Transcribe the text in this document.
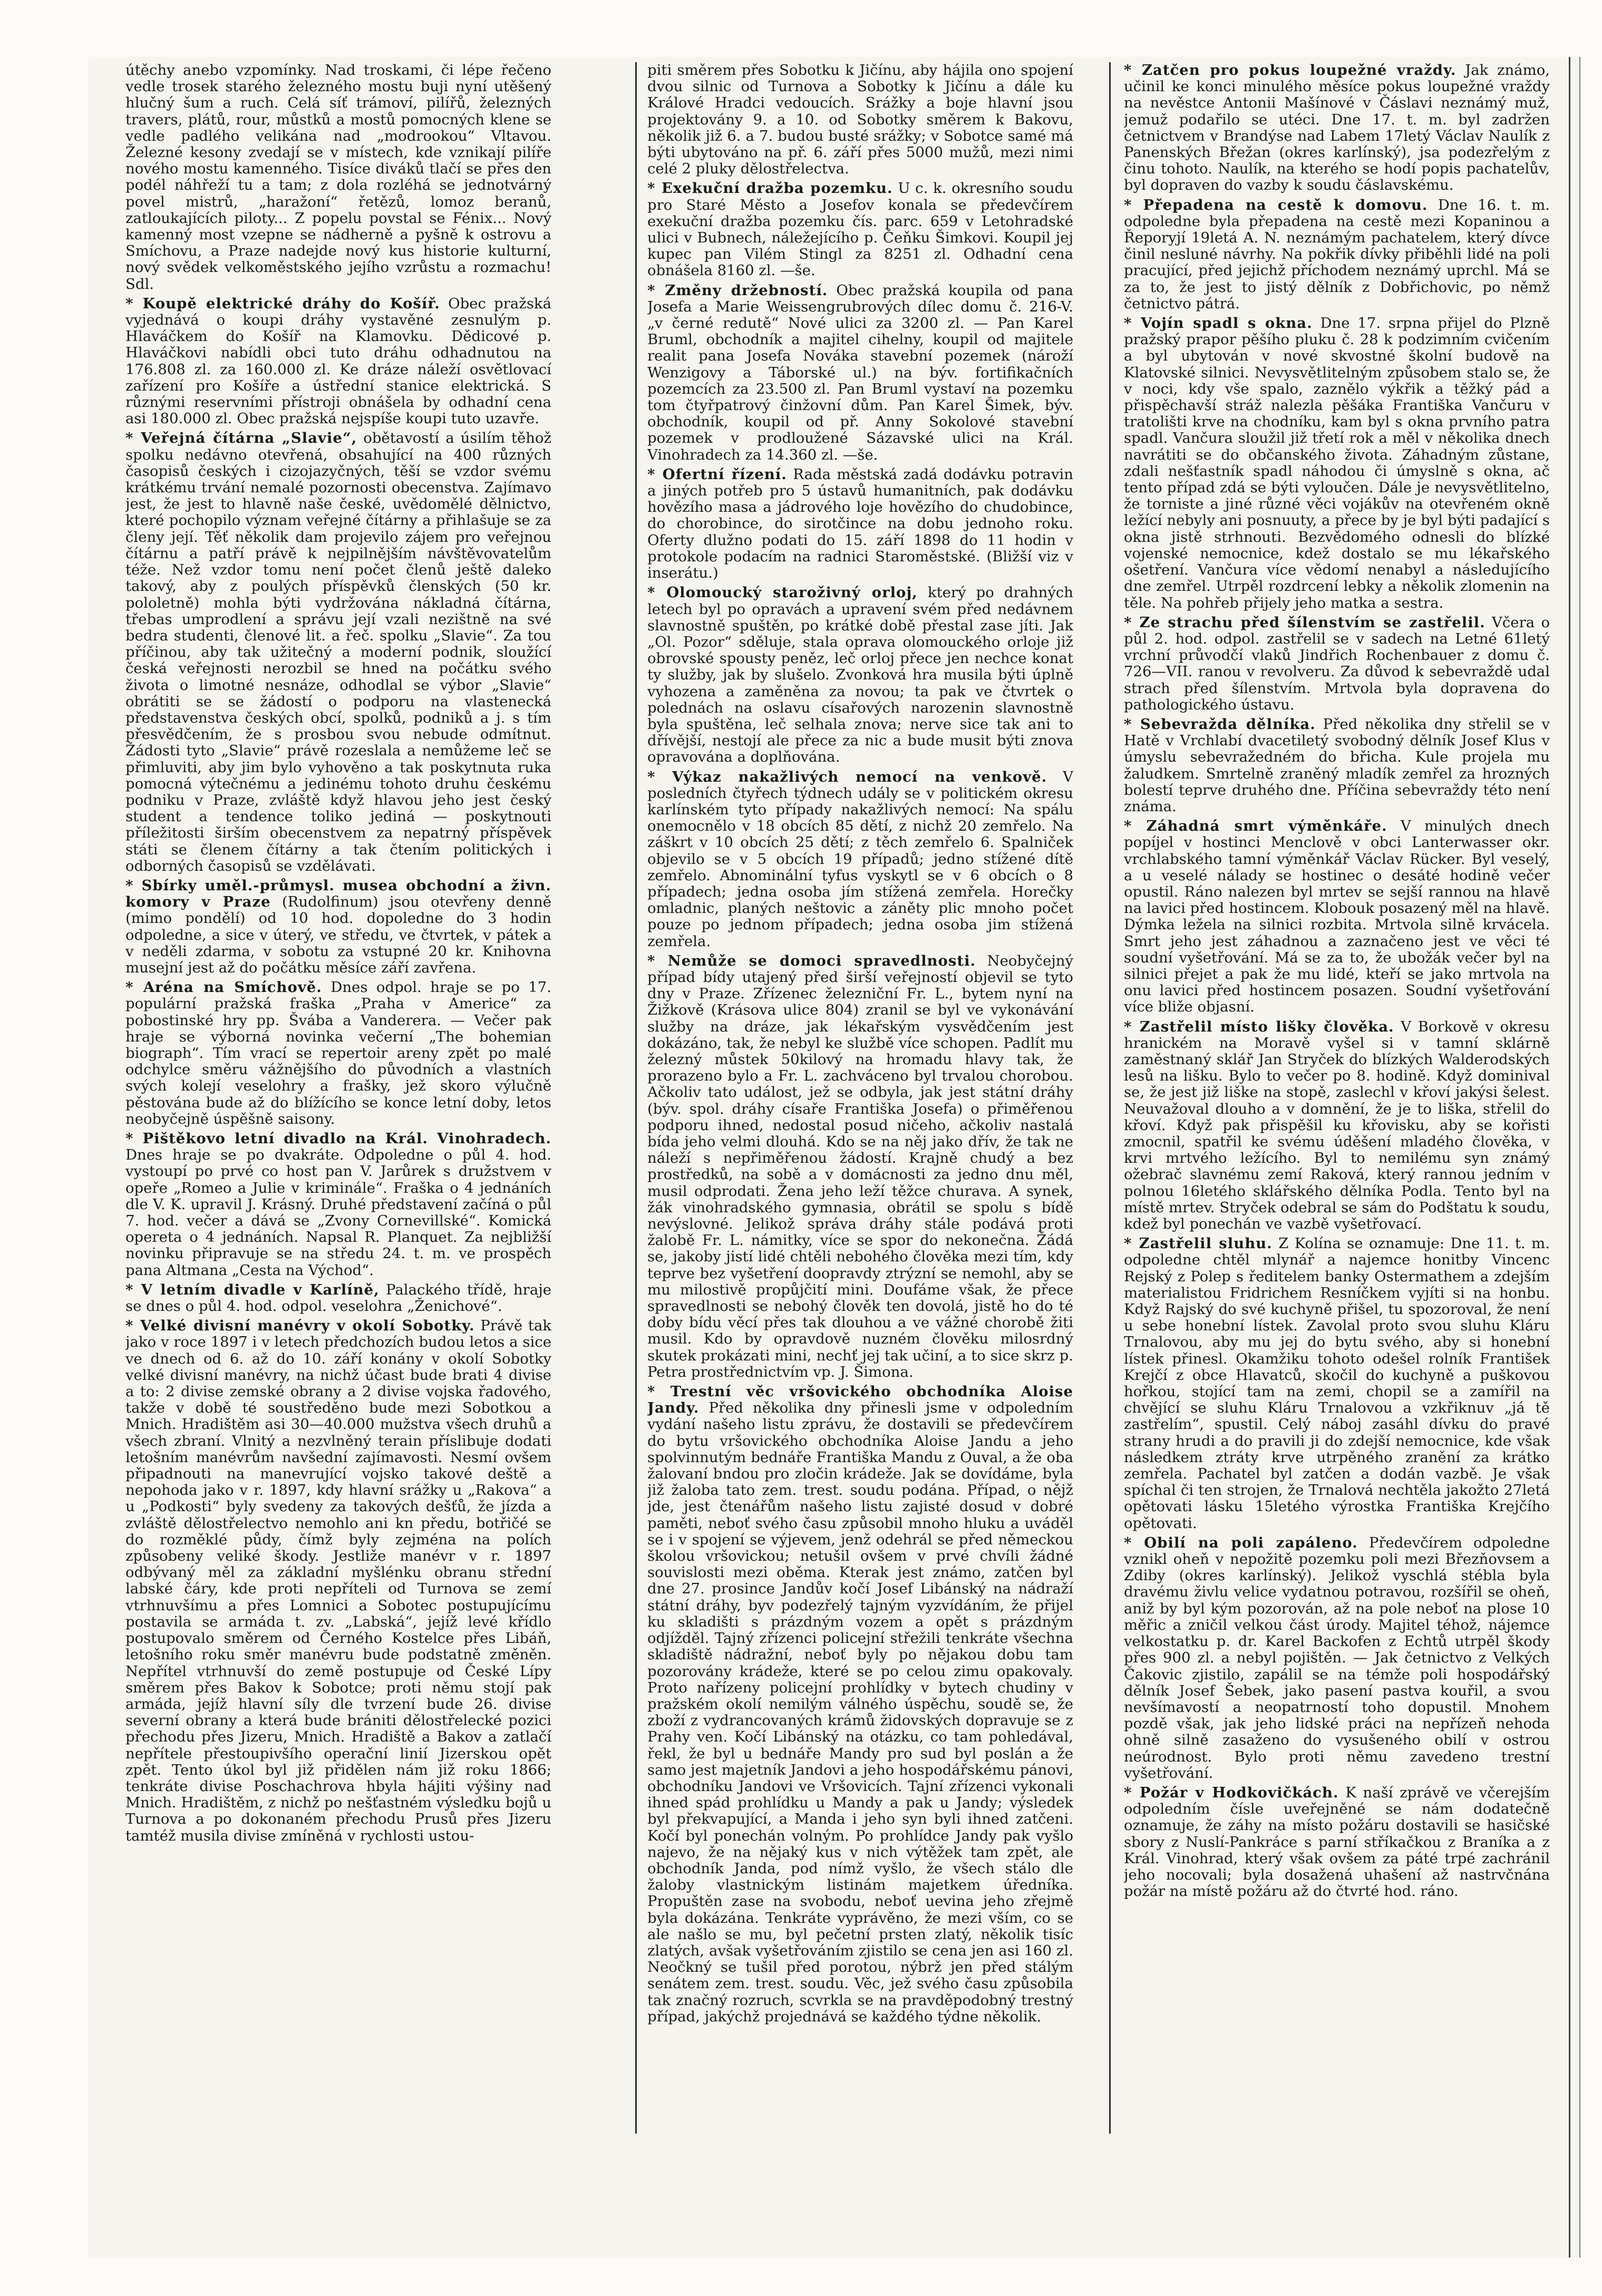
útěchy anebo vzpomínky. Nad troskami, či lépe řečeno vedle trosek starého železného mostu buji nyní utěšený hlučný šum a ruch. Celá síť trámoví, pilířů, železných travers, plátů, rour, můstků a mostů pomocných klene se vedle padlého velikána nad „modrookou“ Vltavou. Železné kesony zvedají se v místech, kde vznikají pilíře nového mostu kamenného. Tisíce diváků tlačí se přes den podél náhřeží tu a tam; z dola rozléhá se jednotvárný povel mistrů, „haražoní“ řetězů, lomoz beranů, zatloukajících piloty... Z popelu povstal se Fénix... Nový kamenný most vzepne se nádherně a pyšně k ostrovu a Smíchovu, a Praze nadejde nový kus historie kulturní, nový svědek velkoměstského jejího vzrůstu a rozmachu! Sdl.

* Koupě elektrické dráhy do Košíř. Obec pražská vyjednává o koupi dráhy vystavěné zesnulým p. Hlaváčkem do Košíř na Klamovku. Dědicové p. Hlaváčkovi nabídli obci tuto dráhu odhadnutou na 176.808 zl. za 160.000 zl. Ke dráze náleží osvětlovací zařízení pro Košíře a ústřední stanice elektrická. S různými reservními přístroji obnášela by odhadní cena asi 180.000 zl. Obec pražská nejspíše koupi tuto uzavře.

* Veřejná čítárna „Slavie“, obětavostí a úsilím těhož spolku nedávno otevřená, obsahující na 400 různých časopisů českých i cizojazyčných, těší se vzdor svému krátkému trvání nemalé pozornosti obecenstva. Zajímavo jest, že jest to hlavně naše české, uvědomělé dělnictvo, které pochopilo význam veřejné čítárny a přihlašuje se za členy její. Těť několik dam projevilo zájem pro veřejnou čítárnu a patří právě k nejpilnějším návštěvovatelům téže. Než vzdor tomu není počet členů ještě daleko takový, aby z poulých příspěvků členských (50 kr. pololetně) mohla býti vydržována nákladná čítárna, třebas umprodlení a správu její vzali nezištně na své bedra studenti, členové lit. a řeč. spolku „Slavie“. Za tou příčinou, aby tak užitečný a moderní podnik, sloužící česká veřejnosti nerozbil se hned na počátku svého života o limotné nesnáze, odhodlal se výbor „Slavie“ obrátiti se se žádostí o podporu na vlastenecká představenstva českých obcí, spolků, podniků a j. s tím přesvědčením, že s prosbou svou nebude odmítnut. Žádosti tyto „Slavie“ právě rozeslala a nemůžeme leč se přimluviti, aby jim bylo vyhověno a tak poskytnuta ruka pomocná výtečnému a jedinému tohoto druhu českému podniku v Praze, zvláště když hlavou jeho jest český student a tendence toliko jediná — poskytnouti příležitosti širším obecenstvem za nepatrný příspěvek státi se členem čítárny a tak čtením politických i odborných časopisů se vzdělávati.

* Sbírky uměl.-průmysl. musea obchodní a živn. komory v Praze (Rudolfinum) jsou otevřeny denně (mimo pondělí) od 10 hod. dopoledne do 3 hodin odpoledne, a sice v úterý, ve středu, ve čtvrtek, v pátek a v neděli zdarma, v sobotu za vstupné 20 kr. Knihovna musejní jest až do počátku měsíce září zavřena.

* Aréna na Smíchově. Dnes odpol. hraje se po 17. populární pražská fraška „Praha v Americe“ za pobostinské hry pp. Švába a Vanderera. — Večer pak hraje se výborná novinka večerní „The bohemian biograph“. Tím vrací se repertoir areny zpět po malé odchylce směru vážnějšího do původních a vlastních svých kolejí veselohry a frašky, jež skoro výlučně pěstována bude až do blížícího se konce letní doby, letos neobyčejně úspěšně saisony.

* Pištěkovo letní divadlo na Král. Vinohradech. Dnes hraje se po dvakráte. Odpoledne o půl 4. hod. vystoupí po prvé co host pan V. Jarůrek s družstvem v opeře „Romeo a Julie v kriminále“. Fraška o 4 jednáních dle V. K. upravil J. Krásný. Druhé představení začíná o půl 7. hod. večer a dává se „Zvony Cornevillské“. Komická opereta o 4 jednáních. Napsal R. Planquet. Za nejbližší novinku připravuje se na středu 24. t. m. ve prospěch pana Altmana „Cesta na Východ“.

* V letním divadle v Karlíně, Palackého třídě, hraje se dnes o půl 4. hod. odpol. veselohra „Ženichové“.

* Velké divisní manévry v okolí Sobotky. Právě tak jako v roce 1897 i v letech předchozích budou letos a sice ve dnech od 6. až do 10. září konány v okolí Sobotky velké divisní manévry, na nichž účast bude brati 4 divise a to: 2 divise zemské obrany a 2 divise vojska řadového, takže v době té soustředěno bude mezi Sobotkou a Mnich. Hradištěm asi 30—40.000 mužstva všech druhů a všech zbraní. Vlnitý a nezvlněný terain příslibuje dodati letošním manévrům navšední zajímavosti. Nesmí ovšem připadnouti na manevrující vojsko takové deště a nepohoda jako v r. 1897, kdy hlavní srážky u „Rakova“ a u „Podkosti“ byly svedeny za takových dešťů, že jízda a zvláště dělostřelectvo nemohlo ani kn předu, botřičé se do rozměklé půdy, čímž byly zejména na polích způsobeny veliké škody. Jestliže manévr v r. 1897 odbývaný měl za základní myšlénku obranu střední labské čáry, kde proti nepříteli od Turnova se zemí vtrhnuvšímu a přes Lomnici a Sobotec postupujícímu postavila se armáda t. zv. „Labská“, jejíž levé křídlo postupovalo směrem od Černého Kostelce přes Libáň, letošního roku směr manévru bude podstatně změněn. Nepřítel vtrhnuvší do země postupuje od České Lípy směrem přes Bakov k Sobotce; proti němu stojí pak armáda, jejíž hlavní síly dle tvrzení bude 26. divise severní obrany a která bude brániti dělostřelecké pozici přechodu přes Jizeru, Mnich. Hradiště a Bakov a zatlačí nepřítele přestoupivšího operační linií Jizerskou opět zpět. Tento úkol byl již přidělen nám již roku 1866; tenkráte divise Poschachrova hbyla hájiti výšiny nad Mnich. Hradištěm, z nichž po nešťastném výsledku bojů u Turnova a po dokonaném přechodu Prusů přes Jizeru tamtéž musila divise zmíněná v rychlosti ustou-

piti směrem přes Sobotku k Jičínu, aby hájila ono spojení dvou silnic od Turnova a Sobotky k Jičínu a dále ku Králové Hradci vedoucích. Srážky a boje hlavní jsou projektovány 9. a 10. od Sobotky směrem k Bakovu, několik již 6. a 7. budou busté srážky; v Sobotce samé má býti ubytováno na př. 6. září přes 5000 mužů, mezi nimi celé 2 pluky dělostřelectva.

* Exekuční dražba pozemku. U c. k. okresního soudu pro Staré Město a Josefov konala se předevčírem exekuční dražba pozemku čís. parc. 659 v Letohradské ulici v Bubnech, náležejícího p. Čeňku Šimkovi. Koupil jej kupec pan Vilém Stingl za 8251 zl. Odhadní cena obnášela 8160 zl. —še.

* Změny držebností. Obec pražská koupila od pana Josefa a Marie Weissengrubrových dílec domu č. 216-V. „v černé redutě“ Nové ulici za 3200 zl. — Pan Karel Bruml, obchodník a majitel cihelny, koupil od majitele realit pana Josefa Nováka stavební pozemek (nároží Wenzigovy a Táborské ul.) na býv. fortifikačních pozemcích za 23.500 zl. Pan Bruml vystaví na pozemku tom čtyřpatrový činžovní dům. Pan Karel Šimek, býv. obchodník, koupil od př. Anny Sokolové stavební pozemek v prodloužené Sázavské ulici na Král. Vinohradech za 14.360 zl. —še.

* Ofertní řízení. Rada městská zadá dodávku potravin a jiných potřeb pro 5 ústavů humanitních, pak dodávku hovězího masa a jádrového loje hovězího do chudobince, do chorobince, do sirotčince na dobu jednoho roku. Oferty dlužno podati do 15. září 1898 do 11 hodin v protokole podacím na radnici Staroměstské. (Bližší viz v inserátu.)

* Olomoucký staroživný orloj, který po drahných letech byl po opravách a upravení svém před nedávnem slavnostně spuštěn, po krátké době přestal zase jíti. Jak „Ol. Pozor“ sděluje, stala oprava olomouckého orloje již obrovské spousty peněz, leč orloj přece jen nechce konat ty služby, jak by slušelo. Zvonková hra musila býti úplně vyhozena a zaměněna za novou; ta pak ve čtvrtek o polednách na oslavu císařových narozenin slavnostně byla spuštěna, leč selhala znova; nerve sice tak ani to dřívější, nestojí ale přece za nic a bude musit býti znova opravována a doplňována.

* Výkaz nakažlivých nemocí na venkově. V posledních čtyřech týdnech udály se v politickém okresu karlínském tyto případy nakažlivých nemocí: Na spálu onemocnělo v 18 obcích 85 dětí, z nichž 20 zemřelo. Na záškrt v 10 obcích 25 dětí; z těch zemřelo 6. Spalniček objevilo se v 5 obcích 19 případů; jedno stížené dítě zemřelo. Abnominální tyfus vyskytl se v 6 obcích o 8 případech; jedna osoba jím stížená zemřela. Horečky omladnic, planých neštovic a záněty plic mnoho počet pouze po jednom případech; jedna osoba jim stížená zemřela.

* Nemůže se domoci spravedlnosti. Neobyčejný případ bídy utajený před širší veřejností objevil se tyto dny v Praze. Zřízenec železniční Fr. L., bytem nyní na Žižkově (Krásova ulice 804) zranil se byl ve vykonávání služby na dráze, jak lékařským vysvědčením jest dokázáno, tak, že nebyl ke službě více schopen. Padlít mu železný můstek 50kilový na hromadu hlavy tak, že prorazeno bylo a Fr. L. zachváceno byl trvalou chorobou. Ačkoliv tato událost, jež se odbyla, jak jest státní dráhy (býv. spol. dráhy císaře Františka Josefa) o přiměřenou podporu ihned, nedostal posud ničeho, ačkoliv nastalá bída jeho velmi dlouhá. Kdo se na něj jako dřív, že tak ne náleží s nepřiměřenou žádostí. Krajně chudý a bez prostředků, na sobě a v domácnosti za jedno dnu měl, musil odprodati. Žena jeho leží těžce churava. A synek, žák vinohradského gymnasia, obrátil se spolu s bídě nevýslovné. Jelikož správa dráhy stále podává proti žalobě Fr. L. námitky, více se spor do nekonečna. Žádá se, jakoby jistí lidé chtěli nebohého člověka mezi tím, kdy teprve bez vyšetření doopravdy ztrýzní se nemohl, aby se mu milostivě propůjčití mini. Doufáme však, že přece spravedlnosti se nebohý člověk ten dovolá, jistě ho do té doby bídu věcí přes tak dlouhou a ve vážné chorobě žiti musil. Kdo by opravdově nuzném člověku milosrdný skutek prokázati mini, nechť jej tak učiní, a to sice skrz p. Petra prostřednictvím vp. J. Šimona.

* Trestní věc vršovického obchodníka Aloise Jandy. Před několika dny přinesli jsme v odpoledním vydání našeho listu zprávu, že dostavili se předevčírem do bytu vršovického obchodníka Aloise Jandu a jeho spolvinnutým bednáře Františka Mandu z Ouval, a že oba žalovaní bndou pro zločin krádeže. Jak se dovídáme, byla již žaloba tato zem. trest. soudu podána. Případ, o nějž jde, jest čtenářům našeho listu zajisté dosud v dobré paměti, neboť svého času způsobil mnoho hluku a uváděl se i v spojení se výjevem, jenž odehrál se před německou školou vršovickou; netušil ovšem v prvé chvíli žádné souvislosti mezi oběma. Kterak jest známo, zatčen byl dne 27. prosince Jandův kočí Josef Libánský na nádraží státní dráhy, byv podezřelý tajným vyzvídáním, že přijel ku skladišti s prázdným vozem a opět s prázdným odjížděl. Tajný zřízenci policejní střežili tenkráte všechna skladiště nádražní, neboť byly po nějakou dobu tam pozorovány krádeže, které se po celou zimu opakovaly. Proto nařízeny policejní prohlídky v bytech chudiny v pražském okolí nemilým válného úspěchu, soudě se, že zboží z vydrancovaných krámů židovských dopravuje se z Prahy ven. Kočí Libánský na otázku, co tam pohledával, řekl, že byl u bednáře Mandy pro sud byl poslán a že samo jest majetník Jandovi a jeho hospodářskému pánovi, obchodníku Jandovi ve Vršovicích. Tajní zřízenci vykonali ihned spád prohlídku u Mandy a pak u Jandy; výsledek byl překvapující, a Manda i jeho syn byli ihned zatčeni. Kočí byl ponechán volným. Po prohlídce Jandy pak vyšlo najevo, že na nějaký kus v nich výtěžek tam zpět, ale obchodník Janda, pod nímž vyšlo, že všech stálo dle žaloby vlastnickým listinám majetkem úředníka. Propuštěn zase na svobodu, neboť uevina jeho zřejmě byla dokázána. Tenkráte vyprávěno, že mezi vším, co se ale našlo se mu, byl pečetní prsten zlatý, několik tisíc zlatých, avšak vyšetřováním zjistilo se cena jen asi 160 zl. Neočkný se tušil před porotou, nýbrž jen před stálým senátem zem. trest. soudu. Věc, jež svého času způsobila tak značný rozruch, scvrkla se na pravděpodobný trestný případ, jakýchž projednává se každého týdne několik.

* Zatčen pro pokus loupežné vraždy. Jak známo, učinil ke konci minulého měsíce pokus loupežné vraždy na nevěstce Antonii Mašínové v Čáslavi neznámý muž, jemuž podařilo se utéci. Dne 17. t. m. byl zadržen četnictvem v Brandýse nad Labem 17letý Václav Naulík z Panenských Břežan (okres karlínský), jsa podezřelým z činu tohoto. Naulík, na kterého se hodí popis pachatelův, byl dopraven do vazby k soudu čáslavskému.

* Přepadena na cestě k domovu. Dne 16. t. m. odpoledne byla přepadena na cestě mezi Kopaninou a Řeporyjí 19letá A. N. neznámým pachatelem, který dívce činil nesluné návrhy. Na pokřik dívky přiběhli lidé na poli pracující, před jejichž příchodem neznámý uprchl. Má se za to, že jest to jistý dělník z Dobřichovic, po němž četnictvo pátrá.

* Vojín spadl s okna. Dne 17. srpna přijel do Plzně pražský prapor pěšího pluku č. 28 k podzimním cvičením a byl ubytován v nové skvostné školní budově na Klatovské silnici. Nevysvětlitelným způsobem stalo se, že v noci, kdy vše spalo, zaznělo výkřik a těžký pád a přispěchavší stráž nalezla pěšáka Františka Vančuru v tratolišti krve na chodníku, kam byl s okna prvního patra spadl. Vančura sloužil již třetí rok a měl v několika dnech navrátiti se do občanského života. Záhadným zůstane, zdali nešťastník spadl náhodou či úmyslně s okna, ač tento případ zdá se býti vyloučen. Dále je nevysvětlitelno, že torniste a jiné různé věci vojákův na otevřeném okně ležící nebyly ani posnuuty, a přece by je byl býti padající s okna jistě strhnouti. Bezvědomého odnesli do blízké vojenské nemocnice, kdež dostalo se mu lékařského ošetření. Vančura více vědomí nenabyl a následujícího dne zemřel. Utrpěl rozdrcení lebky a několik zlomenin na těle. Na pohřeb přijely jeho matka a sestra.

* Ze strachu před šílenstvím se zastřelil. Včera o půl 2. hod. odpol. zastřelil se v sadech na Letné 61letý vrchní průvodčí vlaků Jindřich Rochenbauer z domu č. 726—VII. ranou v revolveru. Za důvod k sebevraždě udal strach před šílenstvím. Mrtvola byla dopravena do pathologického ústavu.

* Sebevražda dělníka. Před několika dny střelil se v Hatě v Vrchlabí dvacetiletý svobodný dělník Josef Klus v úmyslu sebevražedném do břicha. Kule projela mu žaludkem. Smrtelně zraněný mladík zemřel za hrozných bolestí teprve druhého dne. Příčina sebevraždy této není známa.

* Záhadná smrt výměnkáře. V minulých dnech popíjel v hostinci Menclově v obci Lanterwasser okr. vrchlabského tamní výměnkář Václav Rücker. Byl veselý, a u veselé nálady se hostinec o desáté hodině večer opustil. Ráno nalezen byl mrtev se sejší rannou na hlavě na lavici před hostincem. Klobouk posazený měl na hlavě. Dýmka ležela na silnici rozbita. Mrtvola silně krvácela. Smrt jeho jest záhadnou a zaznačeno jest ve věci té soudní vyšetřování. Má se za to, že ubožák večer byl na silnici přejet a pak že mu lidé, kteří se jako mrtvola na onu lavici před hostincem posazen. Soudní vyšetřování více bliže objasní.

* Zastřelil místo lišky člověka. V Borkově v okresu hranickém na Moravě vyšel si v tamní sklárně zaměstnaný sklář Jan Stryček do blízkých Walderodských lesů na lišku. Bylo to večer po 8. hodině. Když dominival se, že jest již liške na stopě, zaslechl v křoví jakýsi šelest. Neuvažoval dlouho a v domnění, že je to liška, střelil do křoví. Když pak přispěšil ku křovisku, aby se kořisti zmocnil, spatřil ke svému úděšení mladého člověka, v krvi mrtvého ležícího. Byl to nemilému syn známý ožebrač slavnému zemí Raková, který rannou jedním v polnou 16letého sklářského dělníka Podla. Tento byl na místě mrtev. Stryček odebral se sám do Podštatu k soudu, kdež byl ponechán ve vazbě vyšetřovací.

* Zastřelil sluhu. Z Kolína se oznamuje: Dne 11. t. m. odpoledne chtěl mlynář a najemce honitby Vincenc Rejský z Polep s ředitelem banky Ostermathem a zdejším materialistou Fridrichem Resníčkem vyjíti si na honbu. Když Rajský do své kuchyně přišel, tu spozoroval, že není u sebe honební lístek. Zavolal proto svou sluhu Kláru Trnalovou, aby mu jej do bytu svého, aby si honební lístek přinesl. Okamžiku tohoto odešel rolník František Krejčí z obce Hlavatců, skočil do kuchyně a puškovou hořkou, stojící tam na zemi, chopil se a zamířil na chvějící se sluhu Kláru Trnalovou a vzkřiknuv „já tě zastřelím“, spustil. Celý náboj zasáhl dívku do pravé strany hrudi a do pravili ji do zdejší nemocnice, kde však následkem ztráty krve utrpěného zranění za krátko zemřela. Pachatel byl zatčen a dodán vazbě. Je však spíchal či ten strojen, že Trnalová nechtěla jakožto 27letá opětovati lásku 15letého výrostka Františka Krejčího opětovati.

* Obilí na poli zapáleno. Předevčírem odpoledne vznikl oheň v nepožitě pozemku poli mezi Březňovsem a Zdiby (okres karlínský). Jelikož vyschlá stébla byla dravému živlu velice vydatnou potravou, rozšířil se oheň, aniž by byl kým pozorován, až na pole neboť na plose 10 měřic a zničil velkou část úrody. Majitel téhož, nájemce velkostatku p. dr. Karel Backofen z Echtů utrpěl škody přes 900 zl. a nebyl pojištěn. — Jak četnictvo z Velkých Čakovic zjistilo, zapálil se na témže poli hospodářský dělník Josef Šebek, jako pasení pastva kouřil, a svou nevšímavostí a neopatrností toho dopustil. Mnohem pozdě však, jak jeho lidské práci na nepřízeň nehoda ohně silně zasaženo do vysušeného obilí v ostrou neúrodnost. Bylo proti němu zavedeno trestní vyšetřování.

* Požár v Hodkovičkách. K naší zprávě ve včerejším odpoledním čísle uveřejněné se nám dodatečně oznamuje, že záhy na místo požáru dostavili se hasičské sbory z Nuslí-Pankráce s parní stříkačkou z Braníka a z Král. Vinohrad, který však ovšem za páté trpé zachránil jeho nocovali; byla dosažená uhašení až nastrvčnána požár na místě požáru až do čtvrté hod. ráno.
